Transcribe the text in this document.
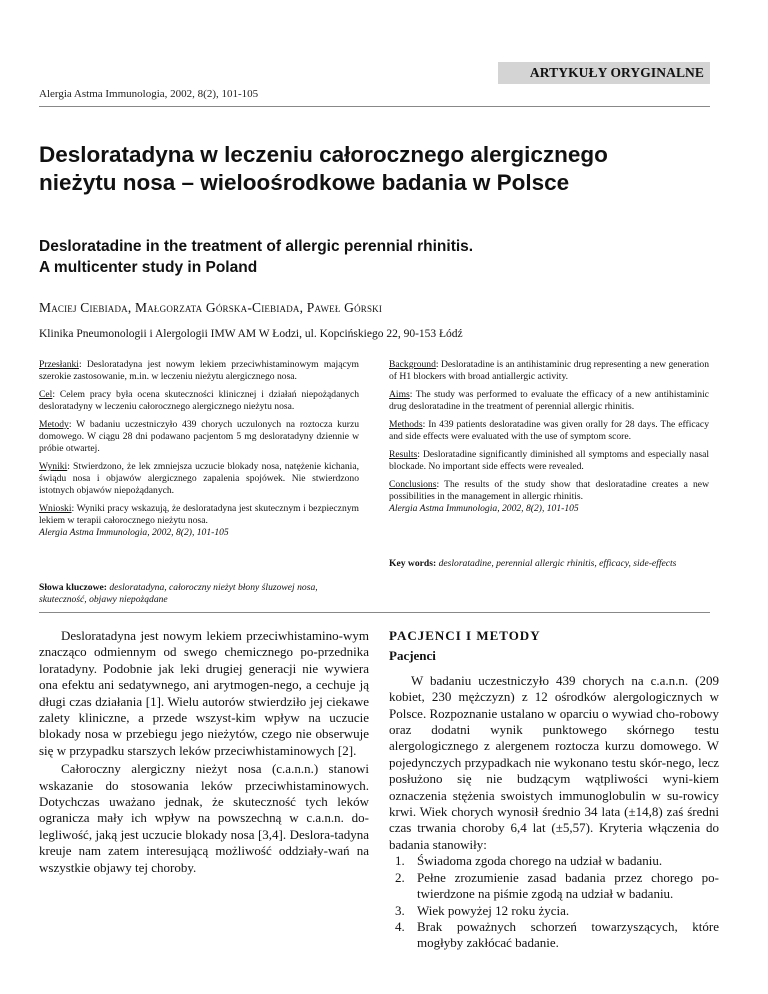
ARTYKUŁY ORYGINALNE
Alergia Astma Immunologia, 2002, 8(2), 101-105
Desloratadyna w leczeniu całorocznego alergicznego
nieżytu nosa – wieloośrodkowe badania w Polsce
Desloratadine in the treatment of allergic perennial rhinitis.
A multicenter study in Poland
Maciej Ciebiada, Małgorzata Górska-Ciebiada, Paweł Górski
Klinika Pneumonologii i Alergologii IMW AM W Łodzi, ul. Kopcińskiego 22, 90-153 Łódź

Przesłanki: Desloratadyna jest nowym lekiem przeciwhistaminowym mającym szerokie zastosowanie, m.in. w leczeniu nieżytu alergicznego nosa.

Cel: Celem pracy była ocena skuteczności klinicznej i działań niepożądanych desloratadyny w leczeniu całorocznego alergicznego nieżytu nosa.

Metody: W badaniu uczestniczyło 439 chorych uczulonych na roztocza kurzu domowego. W ciągu 28 dni podawano pacjentom 5 mg desloratadyny dziennie w próbie otwartej.

Wyniki: Stwierdzono, że lek zmniejsza uczucie blokady nosa, natężenie kichania, świądu nosa i objawów alergicznego zapalenia spojówek. Nie stwierdzono istotnych objawów niepożądanych.

Wnioski: Wyniki pracy wskazują, że desloratadyna jest skutecznym i bezpiecznym lekiem w terapii całorocznego nieżytu nosa.
Alergia Astma Immunologia, 2002, 8(2), 101-105

Background: Desloratadine is an antihistaminic drug representing a new generation of H1 blockers with broad antiallergic activity.

Aims: The study was performed to evaluate the efficacy of a new antihistaminic drug desloratadine in the treatment of perennial allergic rhinitis.

Methods: In 439 patients desloratadine was given orally for 28 days. The efficacy and side effects were evaluated with the use of symptom score.

Results: Desloratadine significantly diminished all symptoms and especially nasal blockade. No important side effects were revealed.

Conclusions: The results of the study show that desloratadine creates a new possibilities in the management in allergic rhinitis.
Alergia Astma Immunologia, 2002, 8(2), 101-105

Key words: desloratadine, perennial allergic rhinitis, efficacy, side-effects
Słowa kluczowe: desloratadyna, całoroczny nieżyt błony śluzowej nosa, skuteczność, objawy niepożądane

Desloratadyna jest nowym lekiem przeciwhistamino-wym znacząco odmiennym od swego chemicznego po-przednika loratadyny. Podobnie jak leki drugiej generacji nie wywiera ona efektu ani sedatywnego, ani arytmogen-nego, a cechuje ją długi czas działania [1]. Wielu autorów stwierdziło jej ciekawe zalety kliniczne, a przede wszyst-kim wpływ na uczucie blokady nosa w przebiegu jego nieżytów, czego nie obserwuje się w przypadku starszych leków przeciwhistaminowych [2].

Całoroczny alergiczny nieżyt nosa (c.a.n.n.) stanowi wskazanie do stosowania leków przeciwhistaminowych. Dotychczas uważano jednak, że skuteczność tych leków ogranicza mały ich wpływ na powszechną w c.a.n.n. do-legliwość, jaką jest uczucie blokady nosa [3,4]. Deslora-tadyna kreuje nam zatem interesującą możliwość oddziały-wań na wszystkie objawy tej choroby.

PACJENCI I METODY
Pacjenci

W badaniu uczestniczyło 439 chorych na c.a.n.n. (209 kobiet, 230 mężczyzn) z 12 ośrodków alergologicznych w Polsce. Rozpoznanie ustalano w oparciu o wywiad cho-robowy oraz dodatni wynik punktowego skórnego testu alergologicznego z alergenem roztocza kurzu domowego. W pojedynczych przypadkach nie wykonano testu skór-nego, lecz posłużono się nie budzącym wątpliwości wyni-kiem oznaczenia stężenia swoistych immunoglobulin w su-rowicy krwi. Wiek chorych wynosił średnio 34 lata (±14,8) zaś średni czas trwania choroby 6,4 lat (±5,57). Kryteria włączenia do badania stanowiły:

1. Świadoma zgoda chorego na udział w badaniu.
2. Pełne zrozumienie zasad badania przez chorego po-twierdzone na piśmie zgodą na udział w badaniu.
3. Wiek powyżej 12 roku życia.
4. Brak poważnych schorzeń towarzyszących, które mogłyby zakłócać badanie.
